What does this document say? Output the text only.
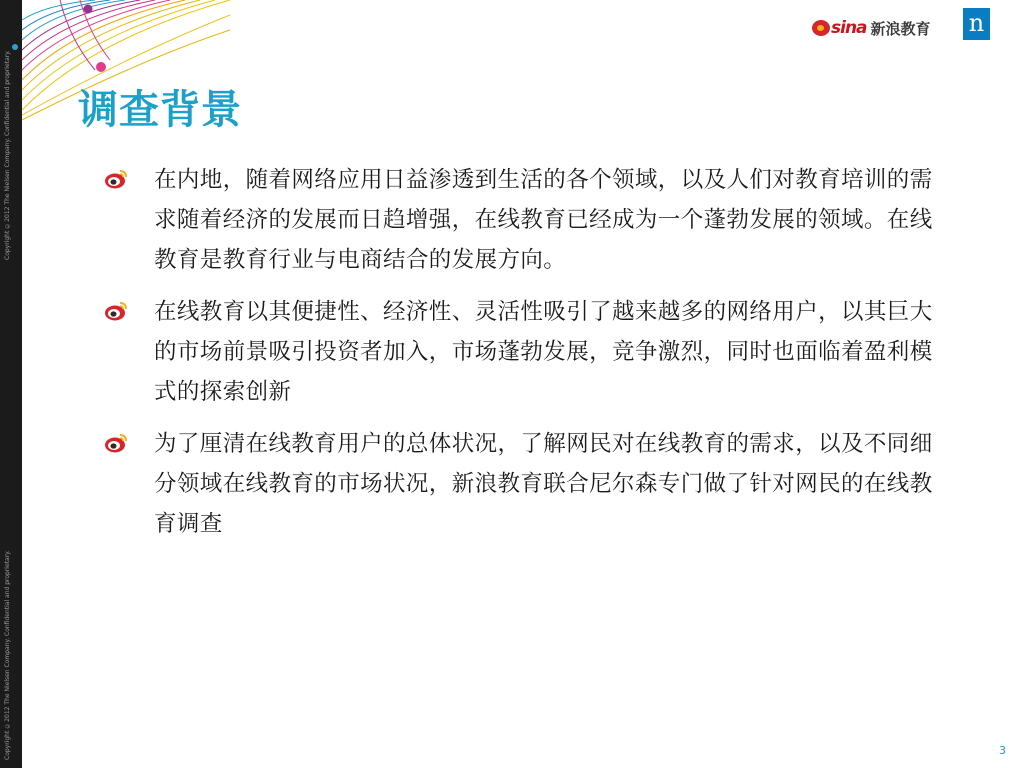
Copyright ©2012 The Nielsen Company. Confidential and proprietary.
Copyright ©2012 The Nielsen Company. Confidential and proprietary.
sina 新浪教育 n
调查背景

在内地，随着网络应用日益渗透到生活的各个领域，以及人们对教育培训的需求随着经济的发展而日趋增强，在线教育已经成为一个蓬勃发展的领域。在线教育是教育行业与电商结合的发展方向。

在线教育以其便捷性、经济性、灵活性吸引了越来越多的网络用户，以其巨大的市场前景吸引投资者加入，市场蓬勃发展，竞争激烈，同时也面临着盈利模式的探索创新

为了厘清在线教育用户的总体状况，了解网民对在线教育的需求，以及不同细分领域在线教育的市场状况，新浪教育联合尼尔森专门做了针对网民的在线教育调查

3
